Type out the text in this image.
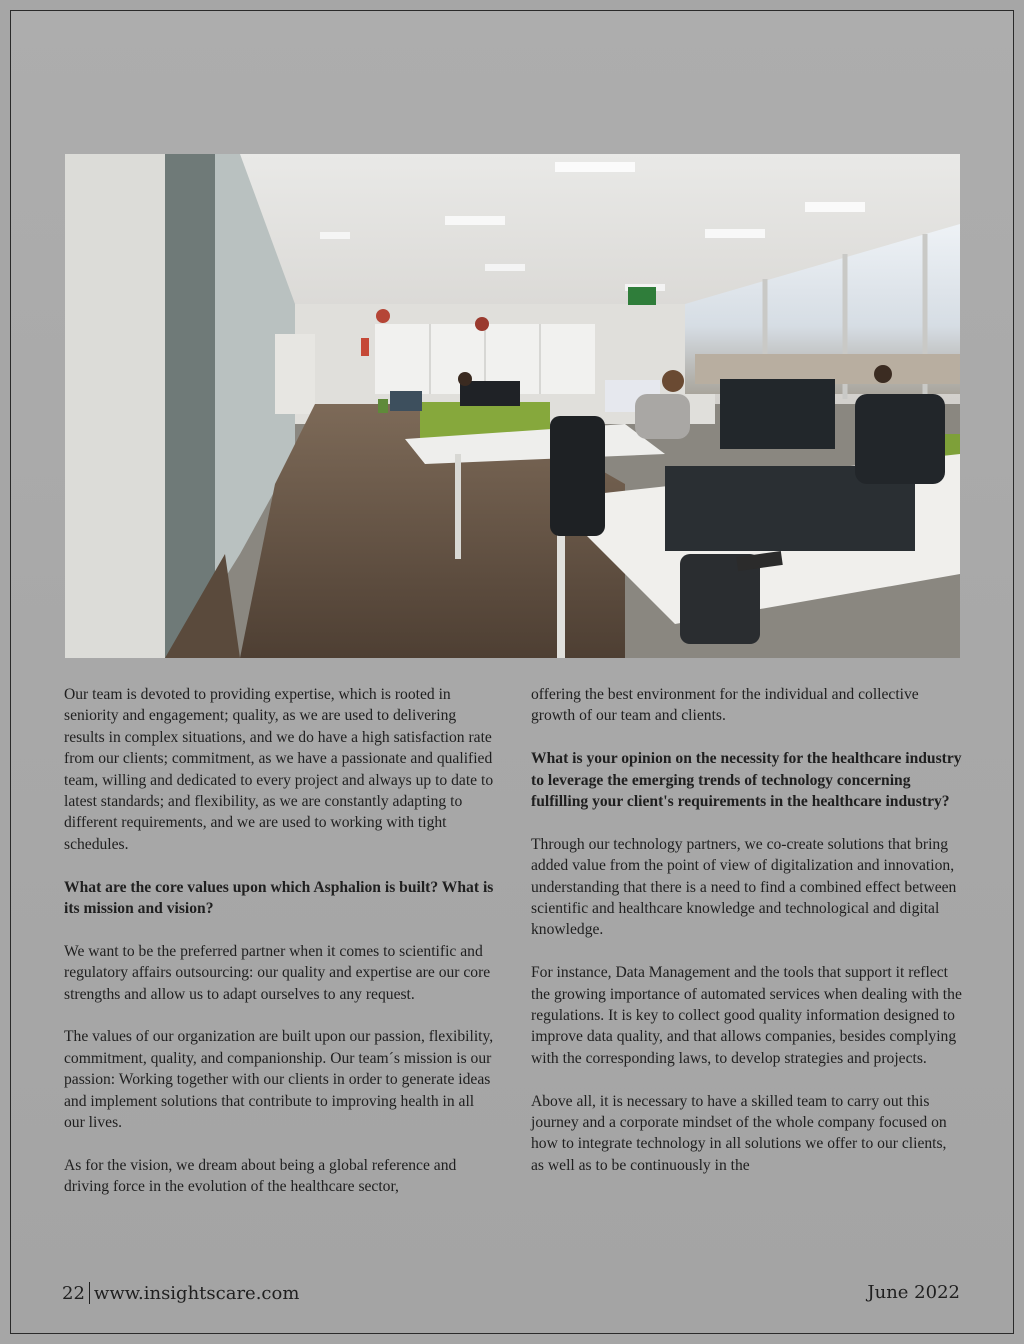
Our team is devoted to providing expertise, which is rooted in seniority and engagement; quality, as we are used to delivering results in complex situations, and we do have a high satisfaction rate from our clients; commitment, as we have a passionate and qualified team, willing and dedicated to every project and always up to date to latest standards; and flexibility, as we are constantly adapting to different requirements, and we are used to working with tight schedules.

What are the core values upon which Asphalion is built? What is its mission and vision?

We want to be the preferred partner when it comes to scientific and regulatory affairs outsourcing: our quality and expertise are our core strengths and allow us to adapt ourselves to any request.

The values of our organization are built upon our passion, flexibility, commitment, quality, and companionship. Our team´s mission is our passion: Working together with our clients in order to generate ideas and implement solutions that contribute to improving health in all our lives.

As for the vision, we dream about being a global reference and driving force in the evolution of the healthcare sector,

offering the best environment for the individual and collective growth of our team and clients.

What is your opinion on the necessity for the healthcare industry to leverage the emerging trends of technology concerning fulfilling your client's requirements in the healthcare industry?

Through our technology partners, we co-create solutions that bring added value from the point of view of digitalization and innovation, understanding that there is a need to find a combined effect between scientific and healthcare knowledge and technological and digital knowledge.

For instance, Data Management and the tools that support it reflect the growing importance of automated services when dealing with the regulations. It is key to collect good quality information designed to improve data quality, and that allows companies, besides complying with the corresponding laws, to develop strategies and projects.

Above all, it is necessary to have a skilled team to carry out this journey and a corporate mindset of the whole company focused on how to integrate technology in all solutions we offer to our clients, as well as to be continuously in the

22 www.insightscare.com	June 2022
